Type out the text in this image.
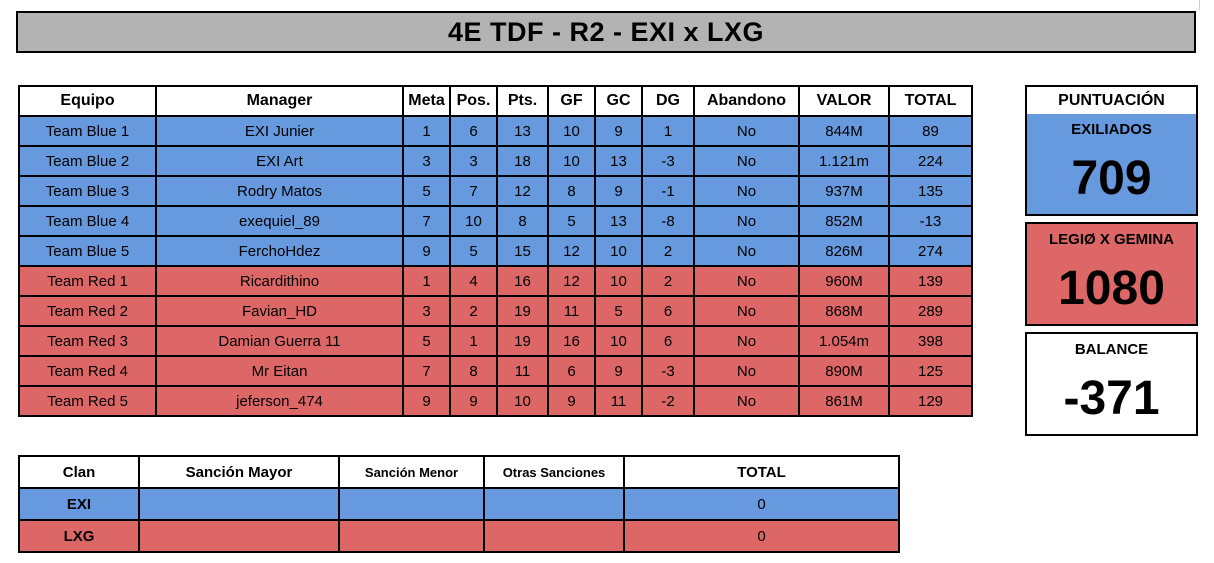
4E TDF - R2 - EXI x LXG
Equipo	Manager	Meta	Pos.	Pts.	GF	GC	DG	Abandono	VALOR	TOTAL
Team Blue 1	EXI Junier	1	6	13	10	9	1	No	844M	89
Team Blue 2	EXI Art	3	3	18	10	13	-3	No	1.121m	224
Team Blue 3	Rodry Matos	5	7	12	8	9	-1	No	937M	135
Team Blue 4	exequiel_89	7	10	8	5	13	-8	No	852M	-13
Team Blue 5	FerchoHdez	9	5	15	12	10	2	No	826M	274
Team Red 1	Ricardithino	1	4	16	12	10	2	No	960M	139
Team Red 2	Favian_HD	3	2	19	11	5	6	No	868M	289
Team Red 3	Damian Guerra 11	5	1	19	16	10	6	No	1.054m	398
Team Red 4	Mr Eitan	7	8	11	6	9	-3	No	890M	125
Team Red 5	jeferson_474	9	9	10	9	11	-2	No	861M	129
Clan	Sanción Mayor	Sanción Menor	Otras Sanciones	TOTAL
EXI				0
LXG				0
PUNTUACIÓN
EXILIADOS
709
LEGIØ X GEMINA
1080
BALANCE
-371
